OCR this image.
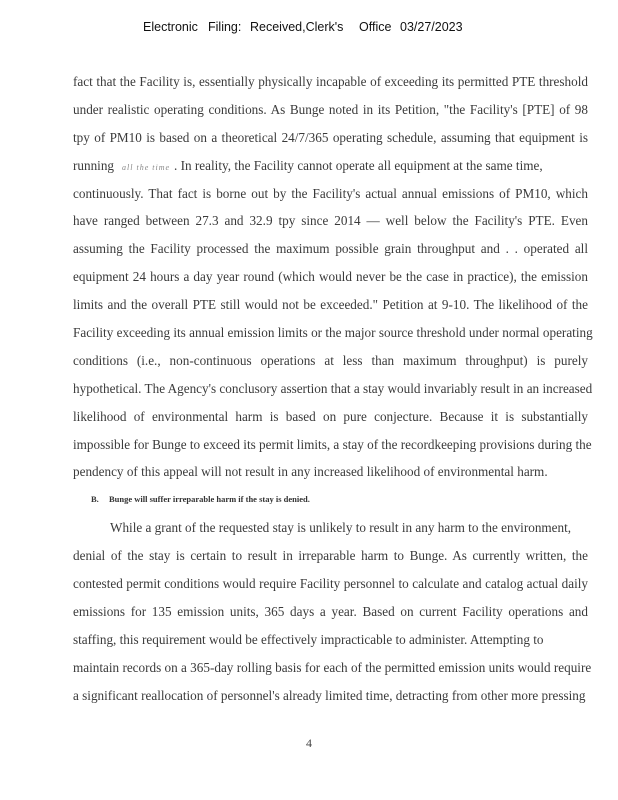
Electronic Filing: Received,Clerk's Office 03/27/2023
fact that the Facility is, essentially physically incapable of exceeding its permitted PTE threshold
under realistic operating conditions. As Bunge noted in its Petition, "the Facility's [PTE] of 98
tpy of PM10 is based on a theoretical 24/7/365 operating schedule, assuming that equipment is
running all the time . In reality, the Facility cannot operate all equipment at the same time,
continuously. That fact is borne out by the Facility's actual annual emissions of PM10, which
have ranged between 27.3 and 32.9 tpy since 2014 — well below the Facility's PTE. Even
assuming the Facility processed the maximum possible grain throughput and . . operated all
equipment 24 hours a day year round (which would never be the case in practice), the emission
limits and the overall PTE still would not be exceeded." Petition at 9-10. The likelihood of the
Facility exceeding its annual emission limits or the major source threshold under normal operating
conditions (i.e., non-continuous operations at less than maximum throughput) is purely
hypothetical. The Agency's conclusory assertion that a stay would invariably result in an increased
likelihood of environmental harm is based on pure conjecture. Because it is substantially
impossible for Bunge to exceed its permit limits, a stay of the recordkeeping provisions during the
pendency of this appeal will not result in any increased likelihood of environmental harm.
B. Bunge will suffer irreparable harm if the stay is denied.
While a grant of the requested stay is unlikely to result in any harm to the environment,
denial of the stay is certain to result in irreparable harm to Bunge. As currently written, the
contested permit conditions would require Facility personnel to calculate and catalog actual daily
emissions for 135 emission units, 365 days a year. Based on current Facility operations and
staffing, this requirement would be effectively impracticable to administer. Attempting to
maintain records on a 365-day rolling basis for each of the permitted emission units would require
a significant reallocation of personnel's already limited time, detracting from other more pressing
4
